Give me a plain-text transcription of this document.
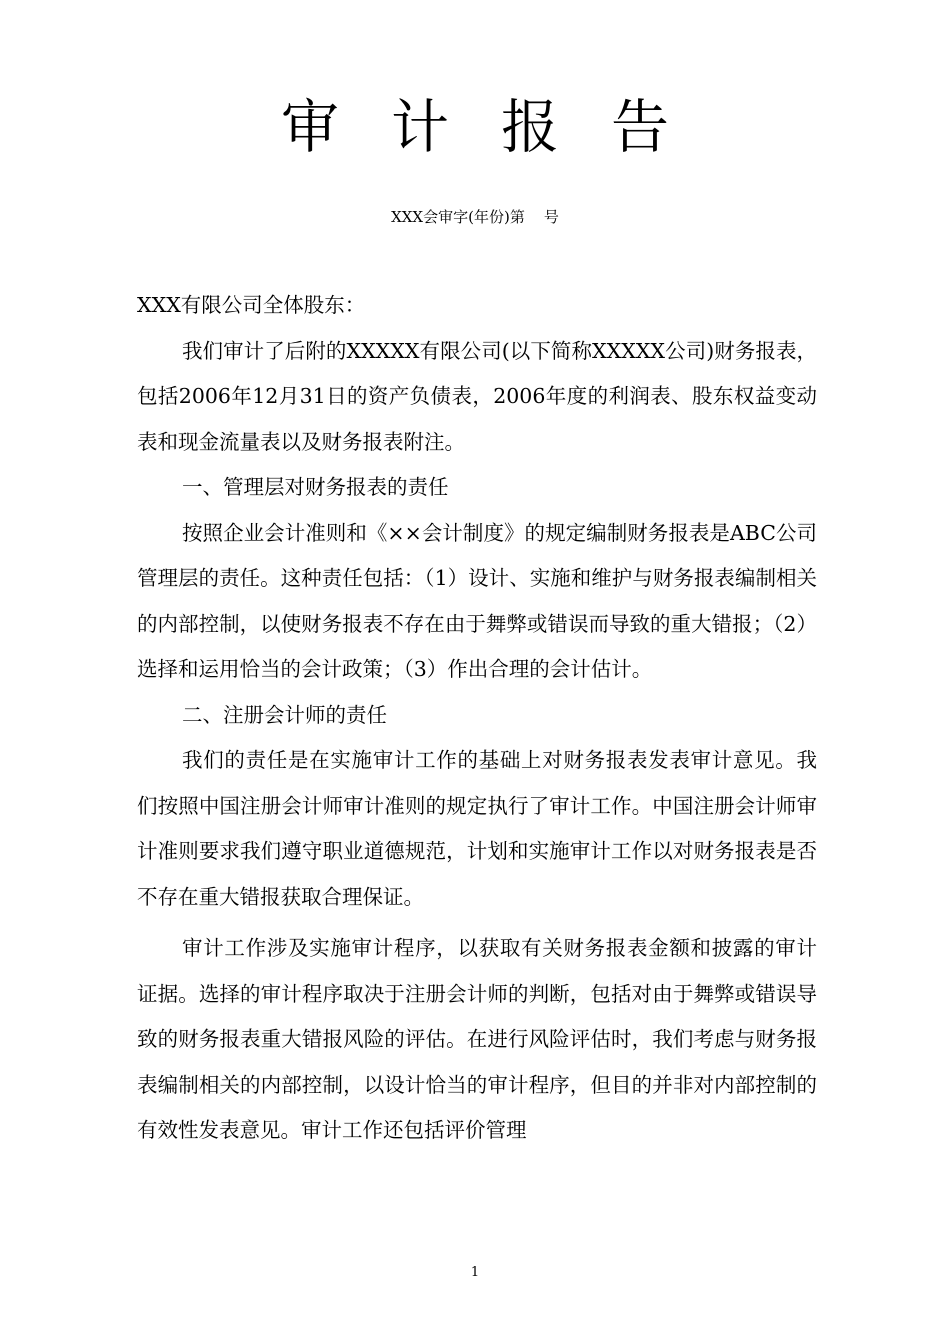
审计报告
XXX会审字(年份)第    号

XXX有限公司全体股东：

我们审计了后附的XXXXX有限公司(以下简称XXXXX公司)财务报表，包括2006年12月31日的资产负债表，2006年度的利润表、股东权益变动表和现金流量表以及财务报表附注。

一、管理层对财务报表的责任

按照企业会计准则和《××会计制度》的规定编制财务报表是ABC公司管理层的责任。这种责任包括：（1）设计、实施和维护与财务报表编制相关的内部控制，以使财务报表不存在由于舞弊或错误而导致的重大错报；（2）选择和运用恰当的会计政策；（3）作出合理的会计估计。

二、注册会计师的责任

我们的责任是在实施审计工作的基础上对财务报表发表审计意见。我们按照中国注册会计师审计准则的规定执行了审计工作。中国注册会计师审计准则要求我们遵守职业道德规范，计划和实施审计工作以对财务报表是否不存在重大错报获取合理保证。

审计工作涉及实施审计程序，以获取有关财务报表金额和披露的审计证据。选择的审计程序取决于注册会计师的判断，包括对由于舞弊或错误导致的财务报表重大错报风险的评估。在进行风险评估时，我们考虑与财务报表编制相关的内部控制，以设计恰当的审计程序，但目的并非对内部控制的有效性发表意见。审计工作还包括评价管理

1
